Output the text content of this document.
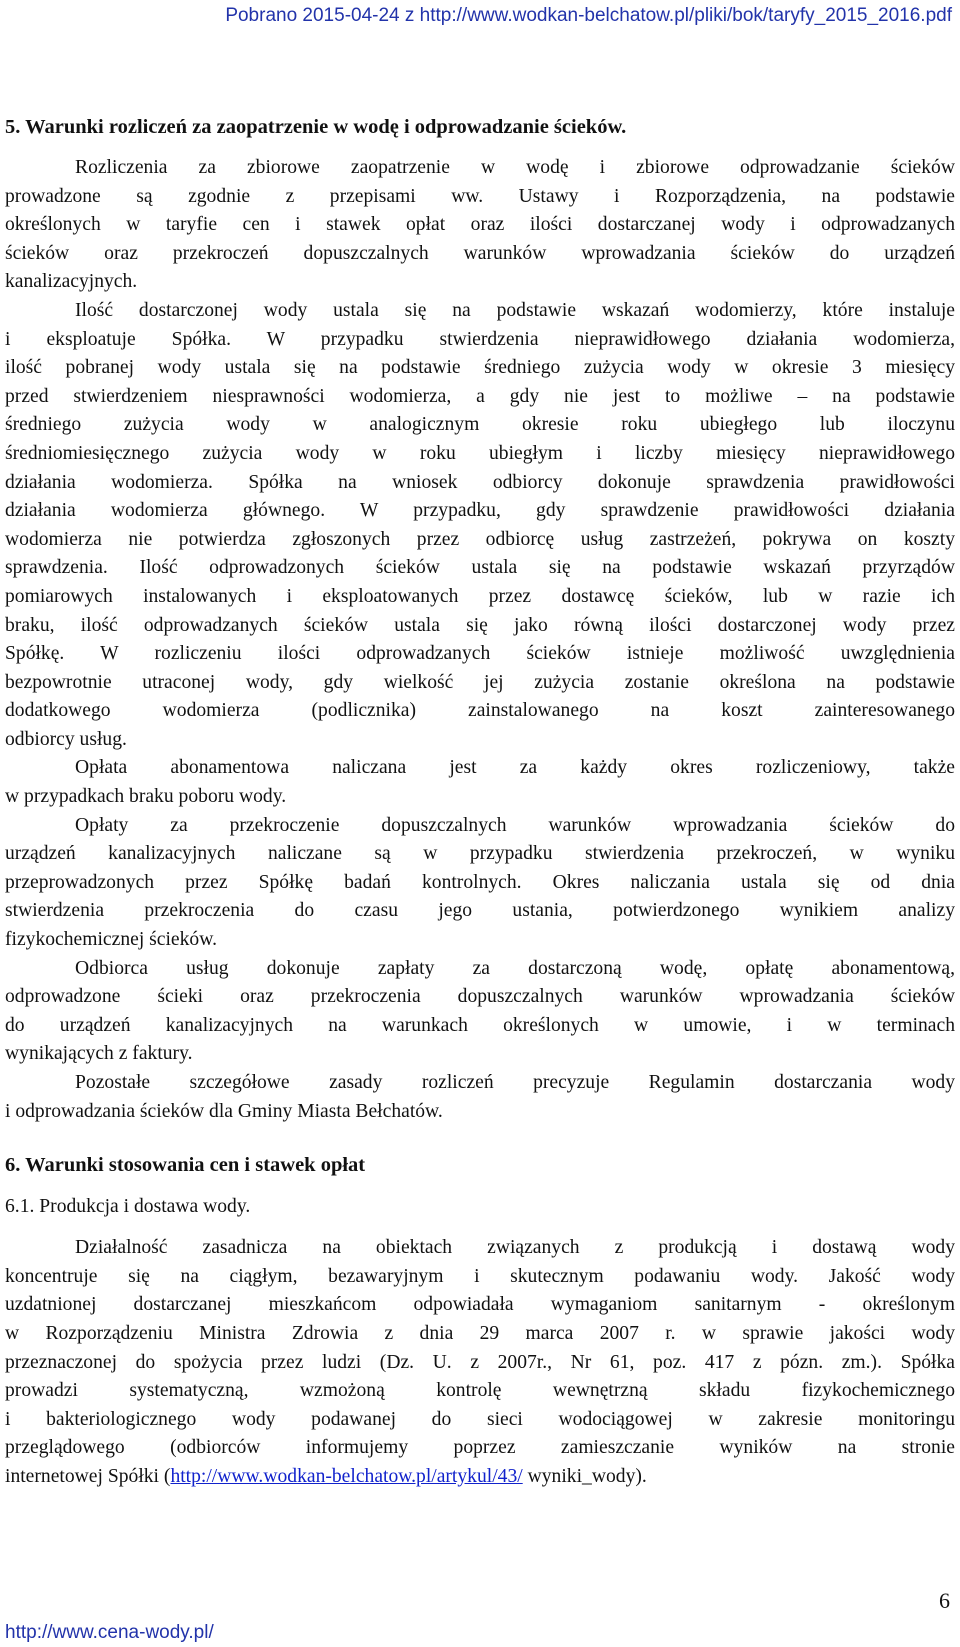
Pobrano 2015-04-24 z http://www.wodkan-belchatow.pl/pliki/bok/taryfy_2015_2016.pdf
5. Warunki rozliczeń za zaopatrzenie w wodę i odprowadzanie ścieków.
Rozliczenia za zbiorowe zaopatrzenie w wodę i zbiorowe odprowadzanie ścieków
prowadzone są zgodnie z przepisami ww. Ustawy i Rozporządzenia, na podstawie
określonych w taryfie cen i stawek opłat oraz ilości dostarczanej wody i odprowadzanych
ścieków oraz przekroczeń dopuszczalnych warunków wprowadzania ścieków do urządzeń
kanalizacyjnych.
Ilość dostarczonej wody ustala się na podstawie wskazań wodomierzy, które instaluje
i eksploatuje Spółka. W przypadku stwierdzenia nieprawidłowego działania wodomierza,
ilość pobranej wody ustala się na podstawie średniego zużycia wody w okresie 3 miesięcy
przed stwierdzeniem niesprawności wodomierza, a gdy nie jest to możliwe – na podstawie
średniego zużycia wody w analogicznym okresie roku ubiegłego lub iloczynu
średniomiesięcznego zużycia wody w roku ubiegłym i liczby miesięcy nieprawidłowego
działania wodomierza. Spółka na wniosek odbiorcy dokonuje sprawdzenia prawidłowości
działania wodomierza głównego. W przypadku, gdy sprawdzenie prawidłowości działania
wodomierza nie potwierdza zgłoszonych przez odbiorcę usług zastrzeżeń, pokrywa on koszty
sprawdzenia. Ilość odprowadzonych ścieków ustala się na podstawie wskazań przyrządów
pomiarowych instalowanych i eksploatowanych przez dostawcę ścieków, lub w razie ich
braku, ilość odprowadzanych ścieków ustala się jako równą ilości dostarczonej wody przez
Spółkę. W rozliczeniu ilości odprowadzanych ścieków istnieje możliwość uwzględnienia
bezpowrotnie utraconej wody, gdy wielkość jej zużycia zostanie określona na podstawie
dodatkowego wodomierza (podlicznika) zainstalowanego na koszt zainteresowanego
odbiorcy usług.
Opłata abonamentowa naliczana jest za każdy okres rozliczeniowy, także
w przypadkach braku poboru wody.
Opłaty za przekroczenie dopuszczalnych warunków wprowadzania ścieków do
urządzeń kanalizacyjnych naliczane są w przypadku stwierdzenia przekroczeń, w wyniku
przeprowadzonych przez Spółkę badań kontrolnych. Okres naliczania ustala się od dnia
stwierdzenia przekroczenia do czasu jego ustania, potwierdzonego wynikiem analizy
fizykochemicznej ścieków.
Odbiorca usług dokonuje zapłaty za dostarczoną wodę, opłatę abonamentową,
odprowadzone ścieki oraz przekroczenia dopuszczalnych warunków wprowadzania ścieków
do urządzeń kanalizacyjnych na warunkach określonych w umowie, i w terminach
wynikających z faktury.
Pozostałe szczegółowe zasady rozliczeń precyzuje Regulamin dostarczania wody
i odprowadzania ścieków dla Gminy Miasta Bełchatów.
6. Warunki stosowania cen i stawek opłat

6.1. Produkcja i dostawa wody.

Działalność zasadnicza na obiektach związanych z produkcją i dostawą wody
koncentruje się na ciągłym, bezawaryjnym i skutecznym podawaniu wody. Jakość wody
uzdatnionej dostarczanej mieszkańcom odpowiadała wymaganiom sanitarnym - określonym
w Rozporządzeniu Ministra Zdrowia z dnia 29 marca 2007 r. w sprawie jakości wody
przeznaczonej do spożycia przez ludzi (Dz. U. z 2007r., Nr 61, poz. 417 z pózn. zm.). Spółka
prowadzi systematyczną, wzmożoną kontrolę wewnętrzną składu fizykochemicznego
i bakteriologicznego wody podawanej do sieci wodociągowej w zakresie monitoringu
przeglądowego (odbiorców informujemy poprzez zamieszczanie wyników na stronie
internetowej Spółki (http://www.wodkan-belchatow.pl/artykul/43/ wyniki_wody).
6
http://www.cena-wody.pl/
